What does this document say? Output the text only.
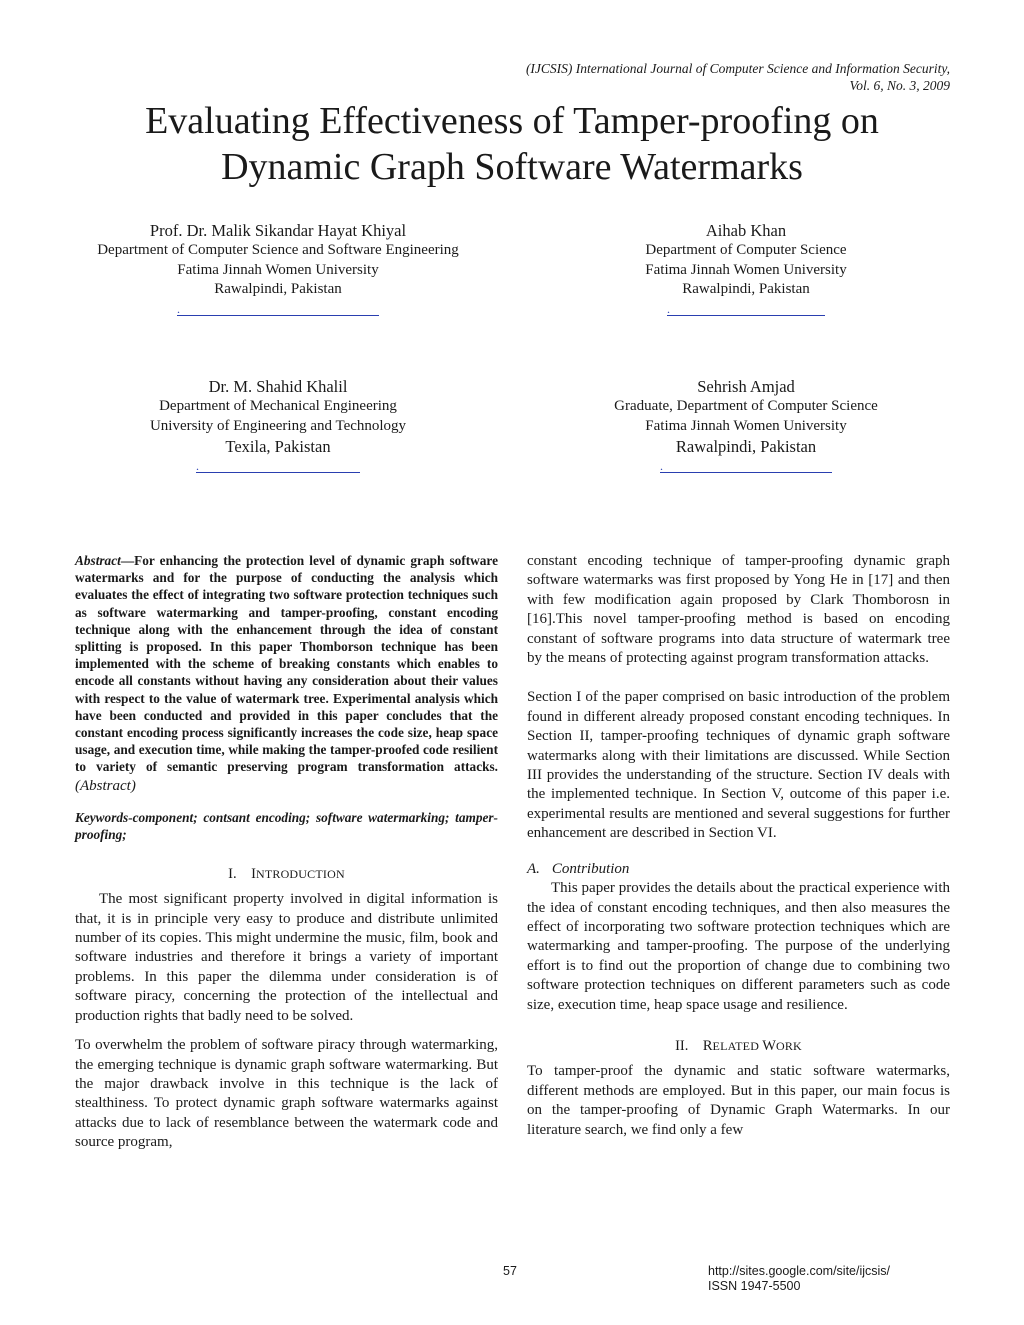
(IJCSIS) International Journal of Computer Science and Information Security,
Vol. 6, No. 3, 2009
Evaluating Effectiveness of Tamper-proofing on
Dynamic Graph Software Watermarks
Prof. Dr. Malik Sikandar Hayat Khiyal
Department of Computer Science and Software Engineering
Fatima Jinnah Women University
Rawalpindi, Pakistan
.
Aihab Khan
Department of Computer Science
Fatima Jinnah Women University
Rawalpindi, Pakistan
.
Dr. M. Shahid Khalil
Department of Mechanical Engineering
University of Engineering and Technology
Texila, Pakistan
.
Sehrish Amjad
Graduate, Department of Computer Science
Fatima Jinnah Women University
Rawalpindi, Pakistan
.

Abstract—For enhancing the protection level of dynamic graph software watermarks and for the purpose of conducting the analysis which evaluates the effect of integrating two software protection techniques such as software watermarking and tamper-proofing, constant encoding technique along with the enhancement through the idea of constant splitting is proposed. In this paper Thomborson technique has been implemented with the scheme of breaking constants which enables to encode all constants without having any consideration about their values with respect to the value of watermark tree. Experimental analysis which have been conducted and provided in this paper concludes that the constant encoding process significantly increases the code size, heap space usage, and execution time, while making the tamper-proofed code resilient to variety of semantic preserving program transformation attacks. (Abstract)

Keywords-component; contsant encoding; software watermarking; tamper-proofing;

I. INTRODUCTION

The most significant property involved in digital information is that, it is in principle very easy to produce and distribute unlimited number of its copies. This might undermine the music, film, book and software industries and therefore it brings a variety of important problems. In this paper the dilemma under consideration is of software piracy, concerning the protection of the intellectual and production rights that badly need to be solved.

To overwhelm the problem of software piracy through watermarking, the emerging technique is dynamic graph software watermarking. But the major drawback involve in this technique is the lack of stealthiness. To protect dynamic graph software watermarks against attacks due to lack of resemblance between the watermark code and source program,

constant encoding technique of tamper-proofing dynamic graph software watermarks was first proposed by Yong He in [17] and then with few modification again proposed by Clark Thomborosn in [16].This novel tamper-proofing method is based on encoding constant of software programs into data structure of watermark tree by the means of protecting against program transformation attacks.

Section I of the paper comprised on basic introduction of the problem found in different already proposed constant encoding techniques. In Section II, tamper-proofing techniques of dynamic graph software watermarks along with their limitations are discussed. While Section III provides the understanding of the structure. Section IV deals with the implemented technique. In Section V, outcome of this paper i.e. experimental results are mentioned and several suggestions for further enhancement are described in Section VI.

A. Contribution

This paper provides the details about the practical experience with the idea of constant encoding techniques, and then also measures the effect of incorporating two software protection techniques which are watermarking and tamper-proofing. The purpose of the underlying effort is to find out the proportion of change due to combining two software protection techniques on different parameters such as code size, execution time, heap space usage and resilience.

II. RELATED WORK

To tamper-proof the dynamic and static software watermarks, different methods are employed. But in this paper, our main focus is on the tamper-proofing of Dynamic Graph Watermarks. In our literature search, we find only a few

57	http://sites.google.com/site/ijcsis/
ISSN 1947-5500
